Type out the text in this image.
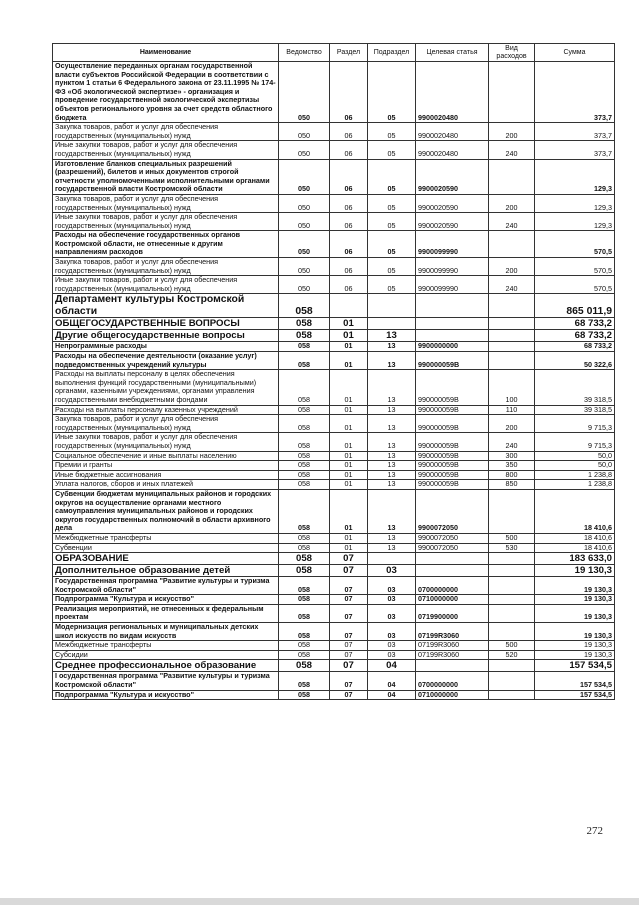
Наименование	Ведомство	Раздел	Подраздел	Целевая статья	Вид расходов	Сумма
Осуществление переданных органам государственной власти субъектов Российской Федерации в соответствии с пунктом 1 статьи 6 Федерального закона от 23.11.1995 № 174-ФЗ «Об экологической экспертизе» - организация и проведение государственной экологической экспертизы объектов регионального уровня за счет средств областного бюджета	050	06	05	9900020480		373,7
Закупка товаров, работ и услуг для обеспечения государственных (муниципальных) нужд	050	06	05	9900020480	200	373,7
Иные закупки товаров, работ и услуг для обеспечения государственных (муниципальных) нужд	050	06	05	9900020480	240	373,7
Изготовление бланков специальных разрешений (разрешений), билетов и иных документов строгой отчетности уполномоченными исполнительными органами государственной власти Костромской области	050	06	05	9900020590		129,3
Закупка товаров, работ и услуг для обеспечения государственных (муниципальных) нужд	050	06	05	9900020590	200	129,3
Иные закупки товаров, работ и услуг для обеспечения государственных (муниципальных) нужд	050	06	05	9900020590	240	129,3
Расходы на обеспечение государственных органов Костромской области, не отнесенные к другим направлениям расходов	050	06	05	9900099990		570,5
Закупка товаров, работ и услуг для обеспечения государственных (муниципальных) нужд	050	06	05	9900099990	200	570,5
Иные закупки товаров, работ и услуг для обеспечения государственных (муниципальных) нужд	050	06	05	9900099990	240	570,5
Департамент культуры Костромской области	058					865 011,9
ОБЩЕГОСУДАРСТВЕННЫЕ ВОПРОСЫ	058	01				68 733,2
Другие общегосударственные вопросы	058	01	13			68 733,2
Непрограммные расходы	058	01	13	9900000000		68 733,2
Расходы на обеспечение деятельности (оказание услуг) подведомственных учреждений культуры	058	01	13	990000059В		50 322,6
Расходы на выплаты персоналу в целях обеспечения выполнения функций государственными (муниципальными) органами, казенными учреждениями, органами управления государственными внебюджетными фондами	058	01	13	990000059В	100	39 318,5
Расходы на выплаты персоналу казенных учреждений	058	01	13	990000059В	110	39 318,5
Закупка товаров, работ и услуг для обеспечения государственных (муниципальных) нужд	058	01	13	990000059В	200	9 715,3
Иные закупки товаров, работ и услуг для обеспечения государственных (муниципальных) нужд	058	01	13	990000059В	240	9 715,3
Социальное обеспечение и иные выплаты населению	058	01	13	990000059В	300	50,0
Премии и гранты	058	01	13	990000059В	350	50,0
Иные бюджетные ассигнования	058	01	13	990000059В	800	1 238,8
Уплата налогов, сборов и иных платежей	058	01	13	990000059В	850	1 238,8
Субвенции бюджетам муниципальных районов и городских округов на осуществление органами местного самоуправления муниципальных районов и городских округов государственных полномочий в области архивного дела	058	01	13	9900072050		18 410,6
Межбюджетные трансферты	058	01	13	9900072050	500	18 410,6
Субвенции	058	01	13	9900072050	530	18 410,6
ОБРАЗОВАНИЕ	058	07				183 633,0
Дополнительное образование детей	058	07	03			19 130,3
Государственная программа "Развитие культуры и туризма Костромской области"	058	07	03	0700000000		19 130,3
Подпрограмма "Культура и искусство"	058	07	03	0710000000		19 130,3
Реализация мероприятий, не отнесенных к федеральным проектам	058	07	03	0719900000		19 130,3
Модернизация региональных и муниципальных детских школ искусств по видам искусств	058	07	03	07199R3060		19 130,3
Межбюджетные трансферты	058	07	03	07199R3060	500	19 130,3
Субсидии	058	07	03	07199R3060	520	19 130,3
Среднее профессиональное образование	058	07	04			157 534,5
I осударственная программа "Развитие культуры и туризма Костромской области"	058	07	04	0700000000		157 534,5
Подпрограмма "Культура и искусство"	058	07	04	0710000000		157 534,5
272
